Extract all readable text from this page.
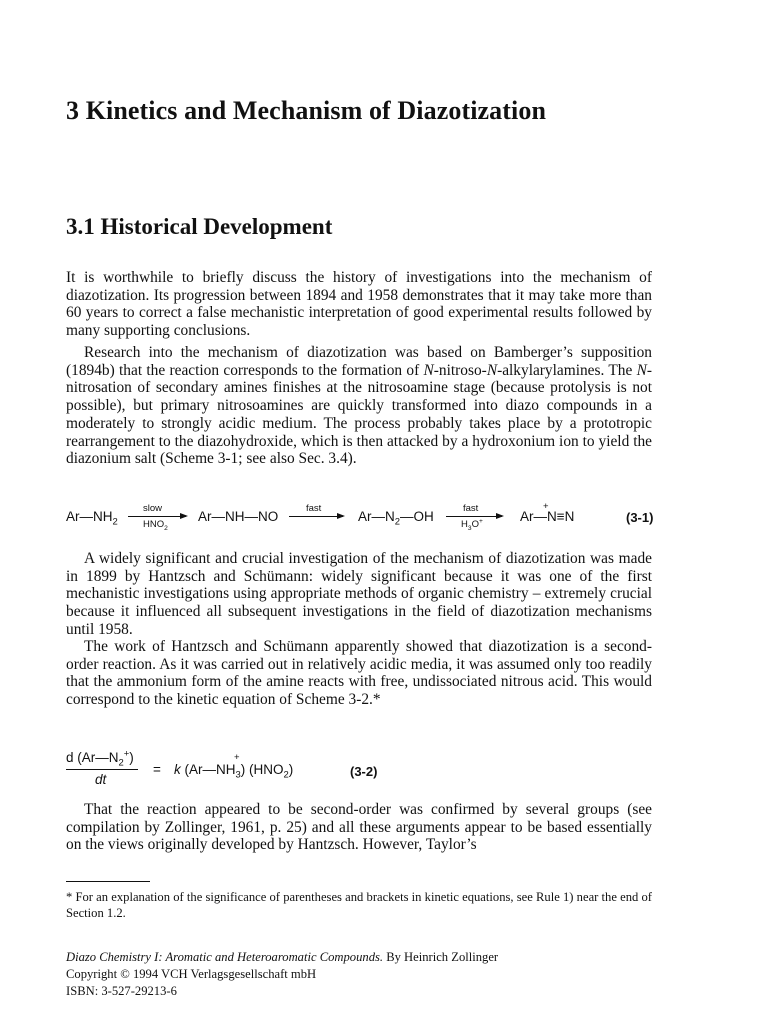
3 Kinetics and Mechanism of Diazotization
3.1 Historical Development

It is worthwhile to briefly discuss the history of investigations into the mechanism of diazotization. Its progression between 1894 and 1958 demonstrates that it may take more than 60 years to correct a false mechanistic interpretation of good experimental results followed by many supporting conclusions.

Research into the mechanism of diazotization was based on Bamberger’s supposition (1894b) that the reaction corresponds to the formation of N-nitroso-N-alkylarylamines. The N-nitrosation of secondary amines finishes at the nitrosoamine stage (because protolysis is not possible), but primary nitrosoamines are quickly transformed into diazo compounds in a moderately to strongly acidic medium. The process probably takes place by a prototropic rearrangement to the diazohydroxide, which is then attacked by a hydroxonium ion to yield the diazonium salt (Scheme 3-1; see also Sec. 3.4).

$Ar—NH_2$
slow
$HNO_2$
Ar—NH—NO
fast
$Ar—N_2—OH$
fast
$H_3O^+$
+
Ar—N≡N	(3-1)

A widely significant and crucial investigation of the mechanism of diazotization was made in 1899 by Hantzsch and Schümann: widely significant because it was one of the first mechanistic investigations using appropriate methods of organic chemistry – extremely crucial because it influenced all subsequent investigations in the field of diazotization mechanisms until 1958.

The work of Hantzsch and Schümann apparently showed that diazotization is a second-order reaction. As it was carried out in relatively acidic media, it was assumed only too readily that the ammonium form of the amine reacts with free, undissociated nitrous acid. This would correspond to the kinetic equation of Scheme 3-2.*

d $(Ar—N_2^+)$
dt
=
+
k $(Ar—NH_3)$ $(HNO_2)$	(3-2)

That the reaction appeared to be second-order was confirmed by several groups (see compilation by Zollinger, 1961, p. 25) and all these arguments appear to be based essentially on the views originally developed by Hantzsch. However, Taylor’s

* For an explanation of the significance of parentheses and brackets in kinetic equations, see Rule 1) near the end of Section 1.2.

Diazo Chemistry I: Aromatic and Heteroaromatic Compounds. By Heinrich Zollinger

Copyright © 1994 VCH Verlagsgesellschaft mbH

ISBN: 3-527-29213-6
